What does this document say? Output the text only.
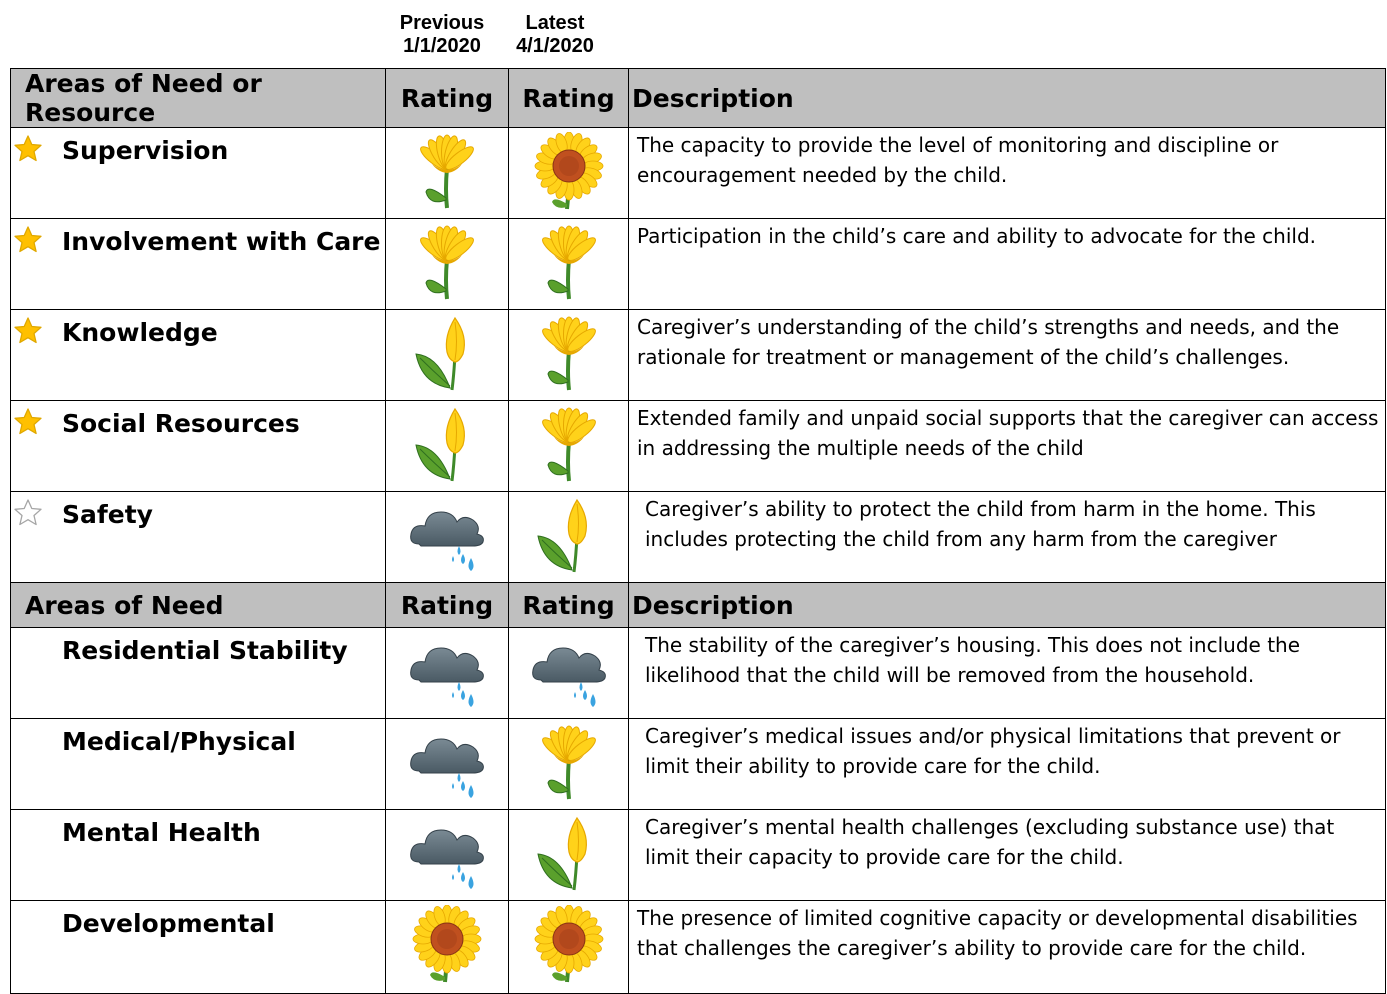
Previous
1/1/2020
Latest
4/1/2020
Areas of Need or Resource	Rating	Rating	Description

Supervision			The capacity to provide the level of monitoring and discipline or encouragement needed by the child.

Involvement with Care			Participation in the child’s care and ability to advocate for the child.

Knowledge			Caregiver’s understanding of the child’s strengths and needs, and the rationale for treatment or management of the child’s challenges.

Social Resources			Extended family and unpaid social supports that the caregiver can access in addressing the multiple needs of the child

Safety			Caregiver’s ability to protect the child from harm in the home. This includes protecting the child from any harm from the caregiver
Areas of Need	Rating	Rating	Description

Residential Stability			The stability of the caregiver’s housing. This does not include the likelihood that the child will be removed from the household.

Medical/Physical			Caregiver’s medical issues and/or physical limitations that prevent or limit their ability to provide care for the child.

Mental Health			Caregiver’s mental health challenges (excluding substance use) that limit their capacity to provide care for the child.

Developmental			The presence of limited cognitive capacity or developmental disabilities that challenges the caregiver’s ability to provide care for the child.
